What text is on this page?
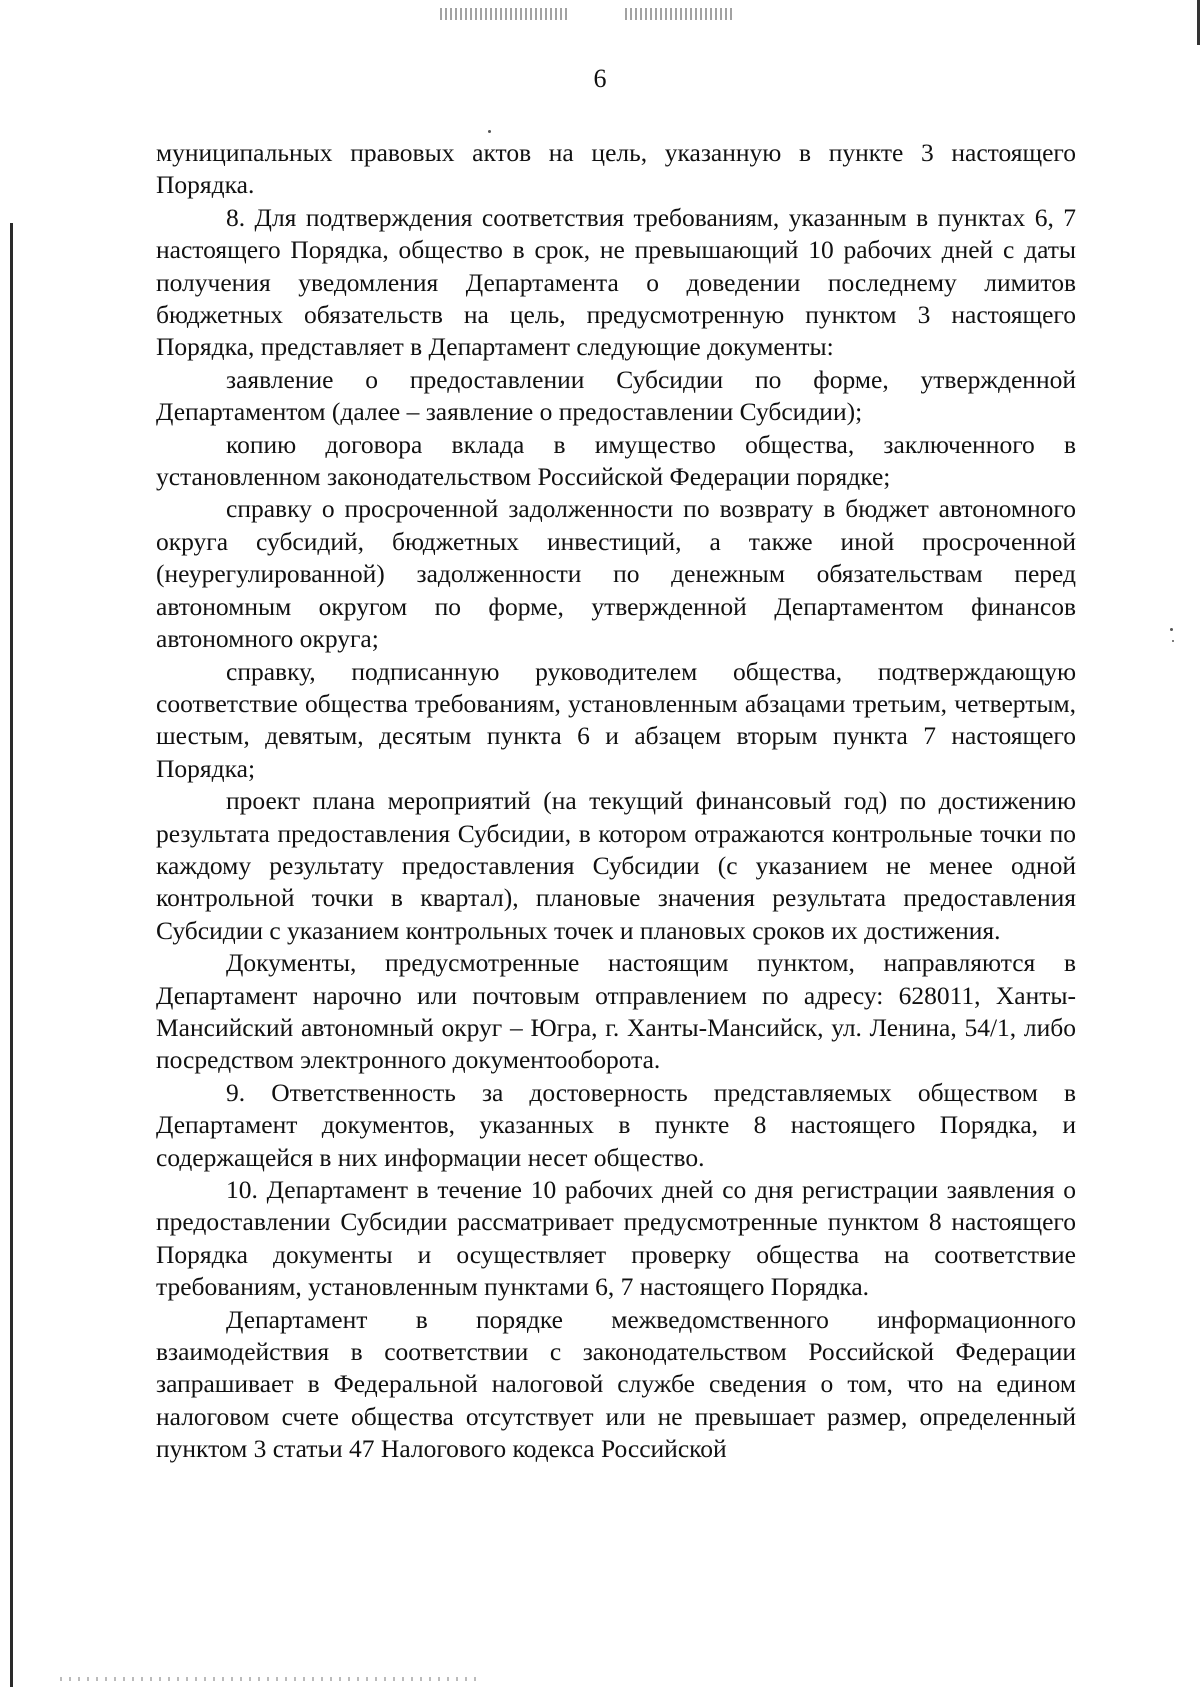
6

муниципальных правовых актов на цель, указанную в пункте 3 настоящего Порядка.

8. Для подтверждения соответствия требованиям, указанным в пунктах 6, 7 настоящего Порядка, общество в срок, не превышающий 10 рабочих дней с даты получения уведомления Департамента о доведении последнему лимитов бюджетных обязательств на цель, предусмотренную пунктом 3 настоящего Порядка, представляет в Департамент следующие документы:

заявление о предоставлении Субсидии по форме, утвержденной Департаментом (далее – заявление о предоставлении Субсидии);

копию договора вклада в имущество общества, заключенного в установленном законодательством Российской Федерации порядке;

справку о просроченной задолженности по возврату в бюджет автономного округа субсидий, бюджетных инвестиций, а также иной просроченной (неурегулированной) задолженности по денежным обязательствам перед автономным округом по форме, утвержденной Департаментом финансов автономного округа;

справку, подписанную руководителем общества, подтверждающую соответствие общества требованиям, установленным абзацами третьим, четвертым, шестым, девятым, десятым пункта 6 и абзацем вторым пункта 7 настоящего Порядка;

проект плана мероприятий (на текущий финансовый год) по достижению результата предоставления Субсидии, в котором отражаются контрольные точки по каждому результату предоставления Субсидии (с указанием не менее одной контрольной точки в квартал), плановые значения результата предоставления Субсидии с указанием контрольных точек и плановых сроков их достижения.

Документы, предусмотренные настоящим пунктом, направляются в Департамент нарочно или почтовым отправлением по адресу: 628011, Ханты-Мансийский автономный округ – Югра, г. Ханты-Мансийск, ул. Ленина, 54/1, либо посредством электронного документооборота.

9. Ответственность за достоверность представляемых обществом в Департамент документов, указанных в пункте 8 настоящего Порядка, и содержащейся в них информации несет общество.

10. Департамент в течение 10 рабочих дней со дня регистрации заявления о предоставлении Субсидии рассматривает предусмотренные пунктом 8 настоящего Порядка документы и осуществляет проверку общества на соответствие требованиям, установленным пунктами 6, 7 настоящего Порядка.

Департамент в порядке межведомственного информационного взаимодействия в соответствии с законодательством Российской Федерации запрашивает в Федеральной налоговой службе сведения о том, что на едином налоговом счете общества отсутствует или не превышает размер, определенный пунктом 3 статьи 47 Налогового кодекса Российской
